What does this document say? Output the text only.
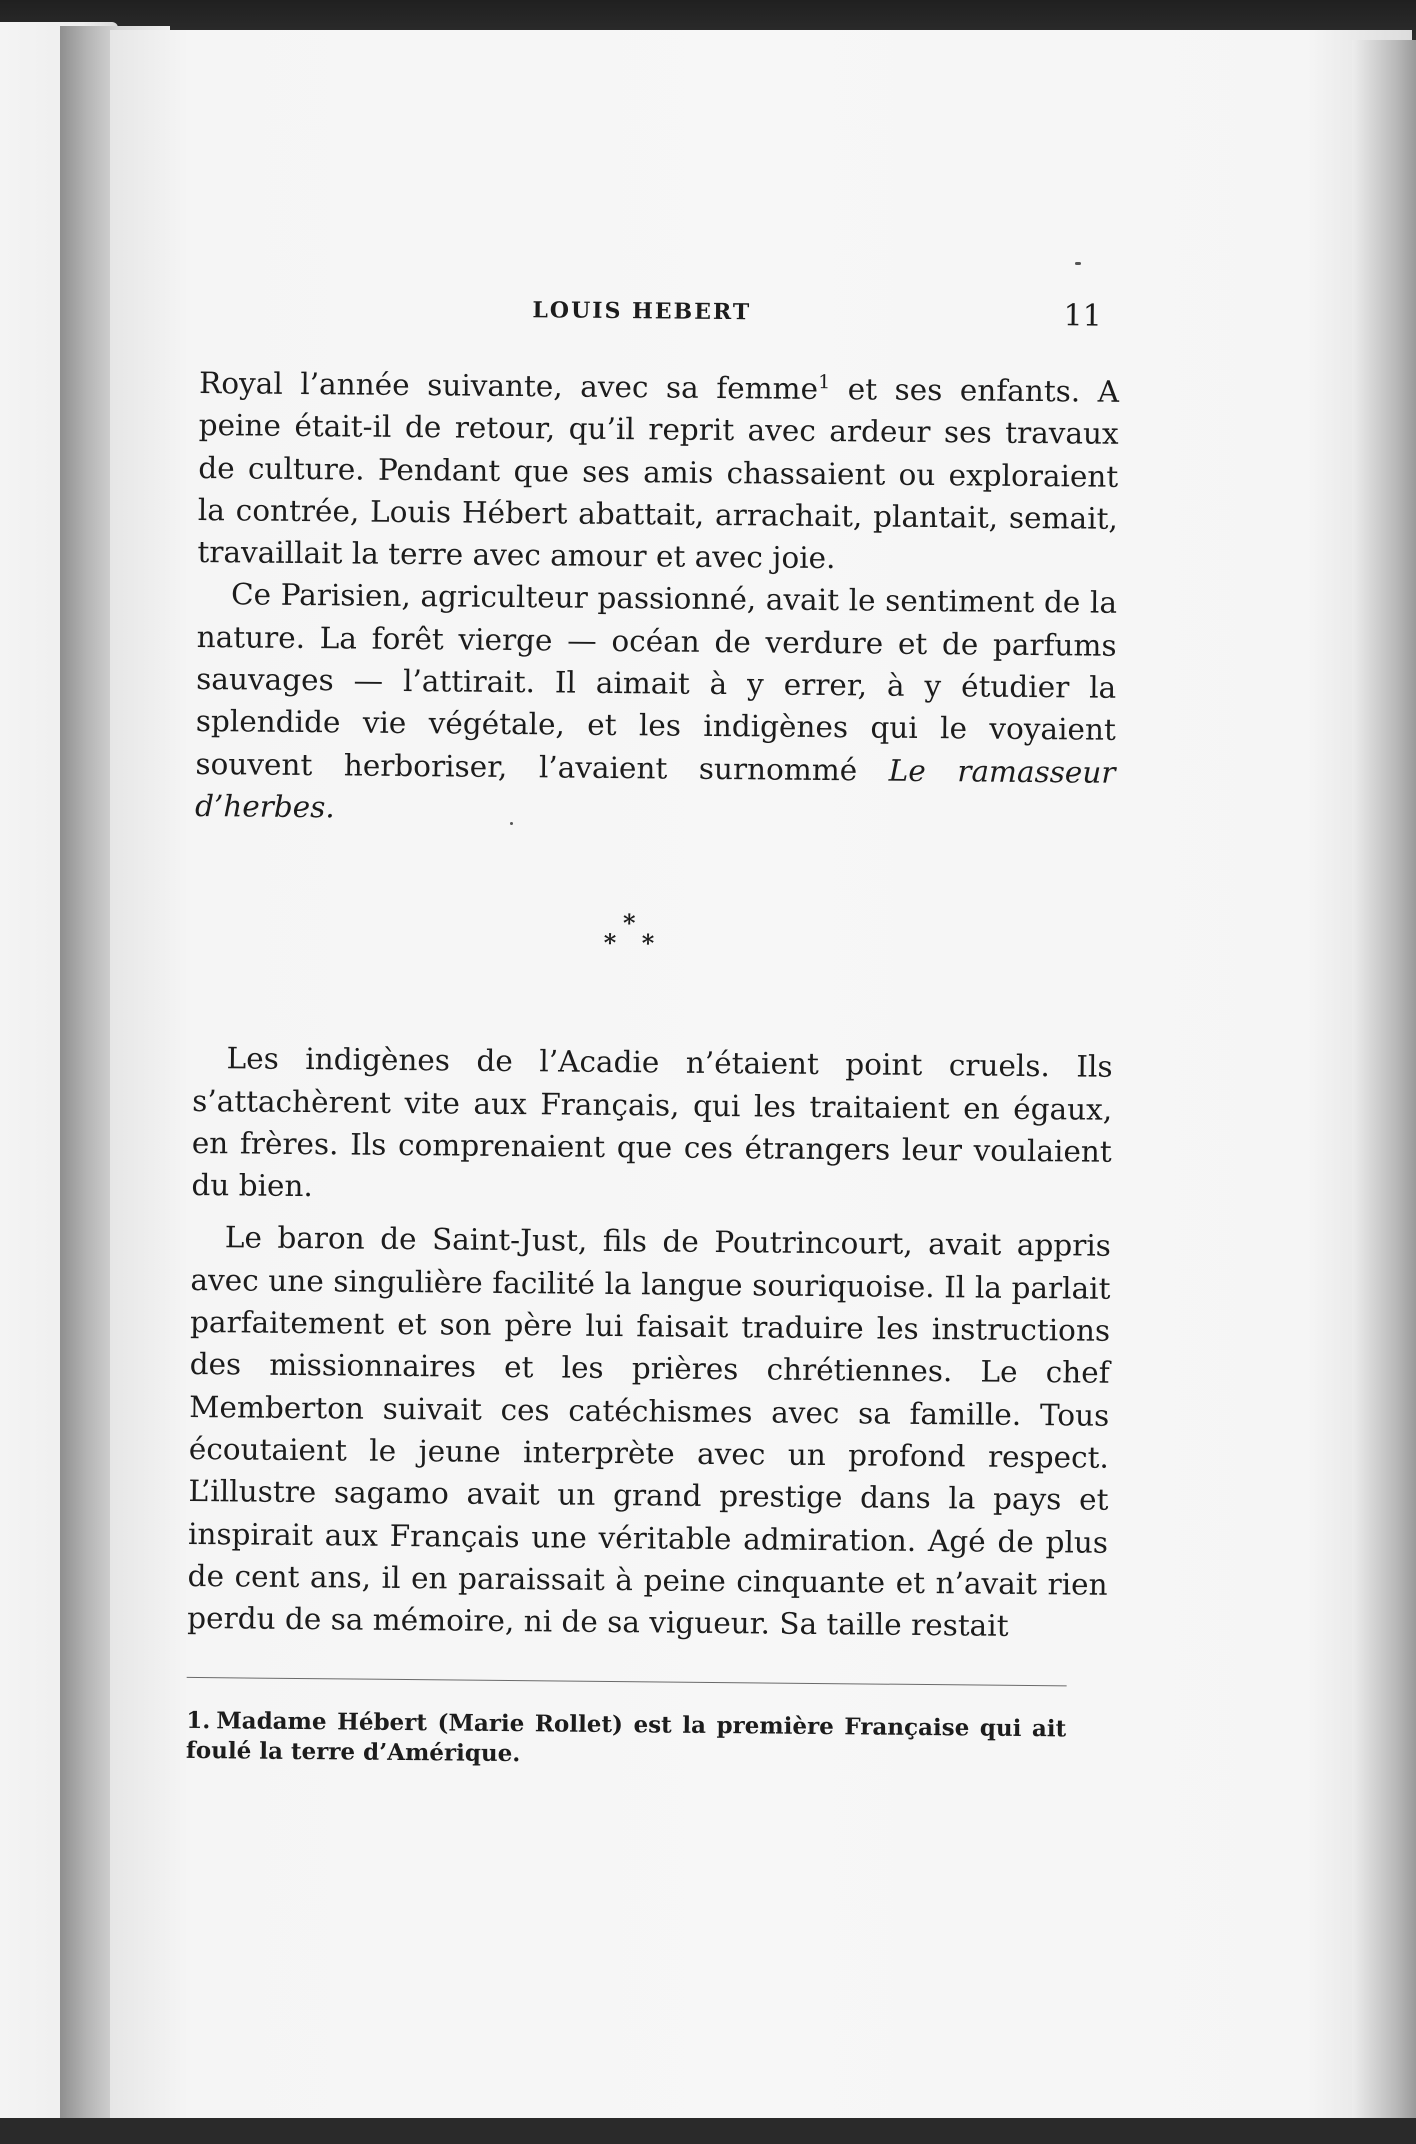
LOUIS HEBERT	11

Royal l’année suivante, avec sa femme$^1$ et ses enfants. A peine était-il de retour, qu’il reprit avec ardeur ses travaux de culture. Pendant que ses amis chassaient ou exploraient la contrée, Louis Hébert abattait, arrachait, plantait, semait, travaillait la terre avec amour et avec joie.

Ce Parisien, agriculteur passionné, avait le sentiment de la nature. La forêt vierge — océan de verdure et de parfums sauvages — l’attirait. Il aimait à y errer, à y étudier la splendide vie végétale, et les indigènes qui le voyaient souvent herboriser, l’avaient surnommé Le ramasseur d’herbes.

*
* *

Les indigènes de l’Acadie n’étaient point cruels. Ils s’attachèrent vite aux Français, qui les traitaient en égaux, en frères. Ils comprenaient que ces étrangers leur voulaient du bien.

Le baron de Saint-Just, fils de Poutrincourt, avait appris avec une singulière facilité la langue souriquoise. Il la parlait parfaitement et son père lui faisait traduire les instructions des missionnaires et les prières chrétiennes. Le chef Memberton suivait ces catéchismes avec sa famille. Tous écoutaient le jeune interprète avec un profond respect. L’illustre sagamo avait un grand prestige dans la pays et inspirait aux Français une véritable admiration. Agé de plus de cent ans, il en paraissait à peine cinquante et n’avait rien perdu de sa mémoire, ni de sa vigueur. Sa taille restait

1. Madame Hébert (Marie Rollet) est la première Française qui ait foulé la terre d’Amérique.
